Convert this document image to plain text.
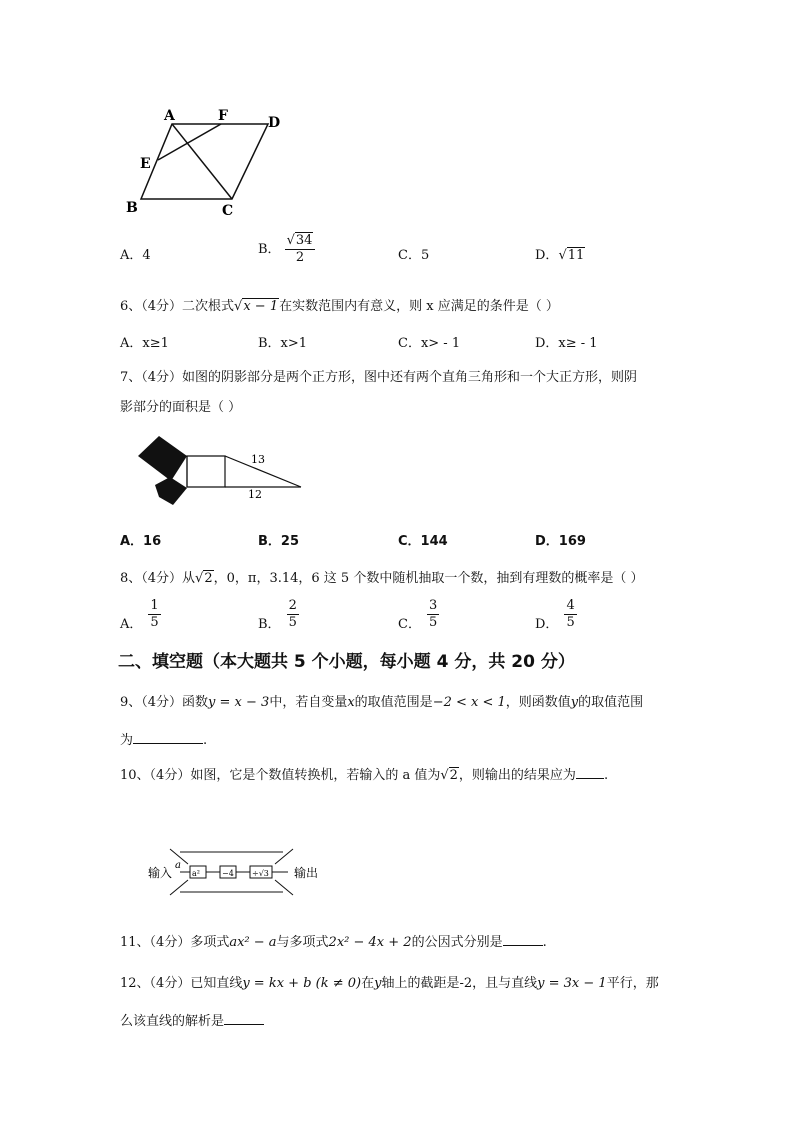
A	F	D
E
B	C
A．4	B． $\frac{√34}{2}$	C．5	D．√11
6、（4分）二次根式√x − 1在实数范围内有意义，则 x 应满足的条件是（ ）
A．x≥1	B．x>1	C．x> - 1	D．x≥ - 1
7、（4分）如图的阴影部分是两个正方形，图中还有两个直角三角形和一个大正方形，则阴
影部分的面积是（ ）
13
12
A．16	B．25	C．144	D．169
8、（4分）从√2，0，π，3.14，6 这 5 个数中随机抽取一个数，抽到有理数的概率是（ ）
A． $\frac{1}{5}$	B． $\frac{2}{5}$	C． $\frac{3}{5}$	D． $\frac{4}{5}$
二、填空题（本大题共 5 个小题，每小题 4 分，共 20 分）
9、（4分）函数y = x − 3中，若自变量x的取值范围是−2 < x < 1，则函数值y的取值范围
为	.
10、（4分）如图，它是个数值转换机，若输入的 a 值为√2，则输出的结果应为 .
输入
a
a²	−4 ÷√3 输出
11、（4分）多项式ax² − a与多项式2x² − 4x + 2的公因式分别是	.
12、（4分）已知直线y = kx + b (k ≠ 0)在y轴上的截距是-2，且与直线y = 3x − 1平行，那
么该直线的解析是
